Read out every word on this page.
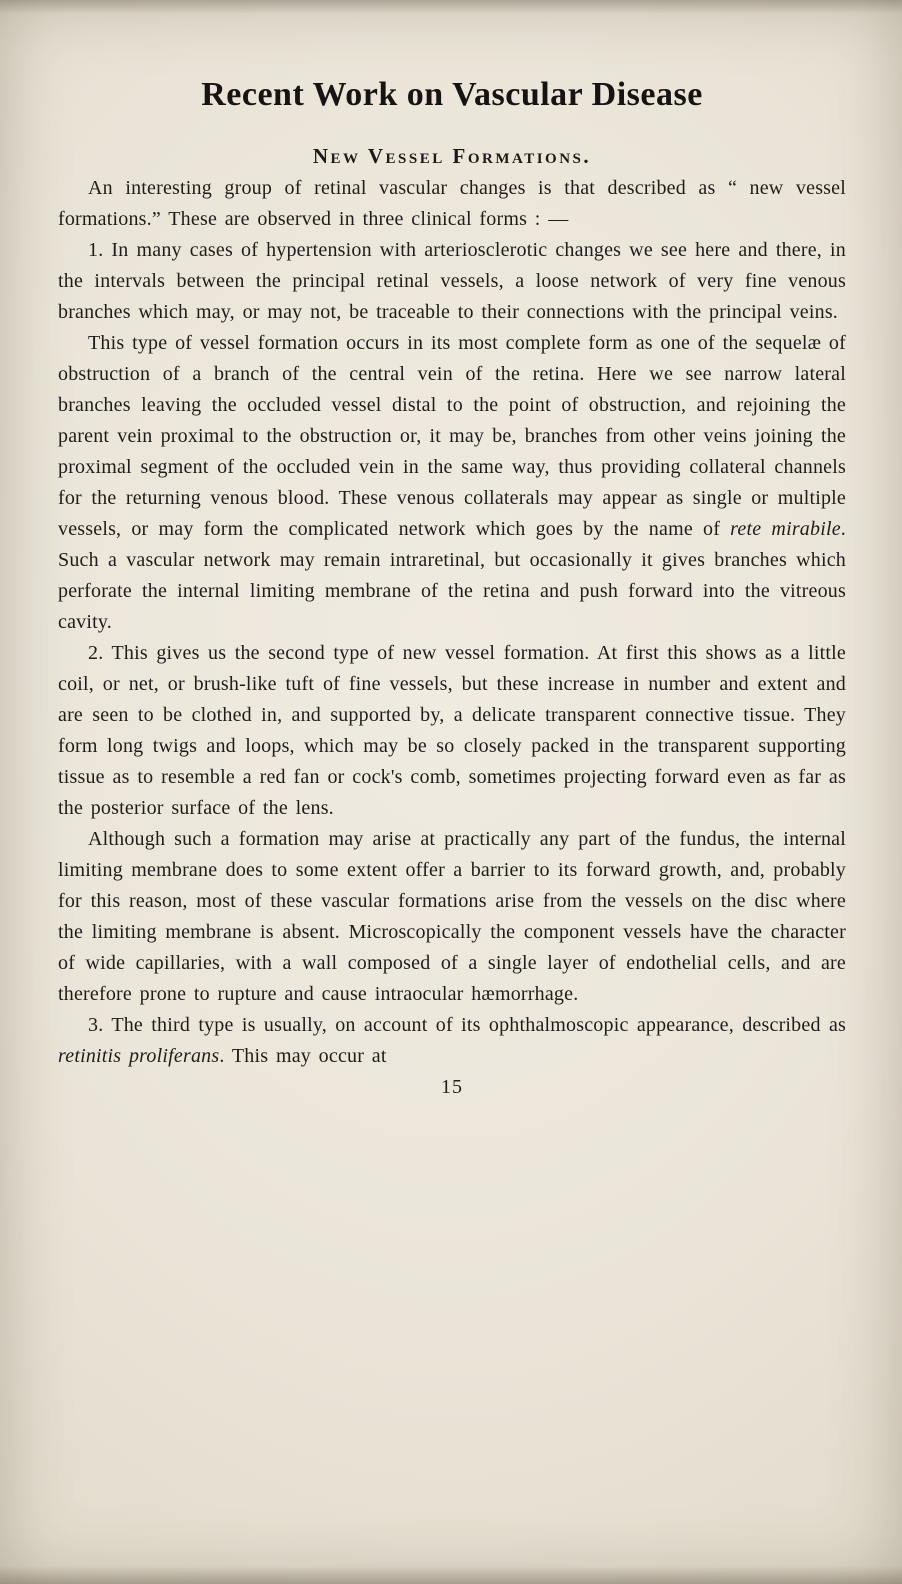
Recent Work on Vascular Disease
New Vessel Formations.

An interesting group of retinal vascular changes is that described as “ new vessel formations.” These are observed in three clinical forms : —

1. In many cases of hypertension with arteriosclerotic changes we see here and there, in the intervals between the principal retinal vessels, a loose network of very fine venous branches which may, or may not, be traceable to their connections with the principal veins.

This type of vessel formation occurs in its most complete form as one of the sequelæ of obstruction of a branch of the central vein of the retina. Here we see narrow lateral branches leaving the occluded vessel distal to the point of obstruction, and rejoining the parent vein proximal to the obstruction or, it may be, branches from other veins joining the proximal segment of the occluded vein in the same way, thus providing collateral channels for the returning venous blood. These venous collaterals may appear as single or multiple vessels, or may form the complicated network which goes by the name of rete mirabile. Such a vascular network may remain intraretinal, but occasionally it gives branches which perforate the internal limiting membrane of the retina and push forward into the vitreous cavity.

2. This gives us the second type of new vessel formation. At first this shows as a little coil, or net, or brush-like tuft of fine vessels, but these increase in number and extent and are seen to be clothed in, and supported by, a delicate transparent connective tissue. They form long twigs and loops, which may be so closely packed in the transparent supporting tissue as to resemble a red fan or cock's comb, sometimes projecting forward even as far as the posterior surface of the lens.

Although such a formation may arise at practically any part of the fundus, the internal limiting membrane does to some extent offer a barrier to its forward growth, and, probably for this reason, most of these vascular formations arise from the vessels on the disc where the limiting membrane is absent. Microscopically the component vessels have the character of wide capillaries, with a wall composed of a single layer of endothelial cells, and are therefore prone to rupture and cause intraocular hæmorrhage.

3. The third type is usually, on account of its ophthalmoscopic appearance, described as retinitis proliferans. This may occur at

15
